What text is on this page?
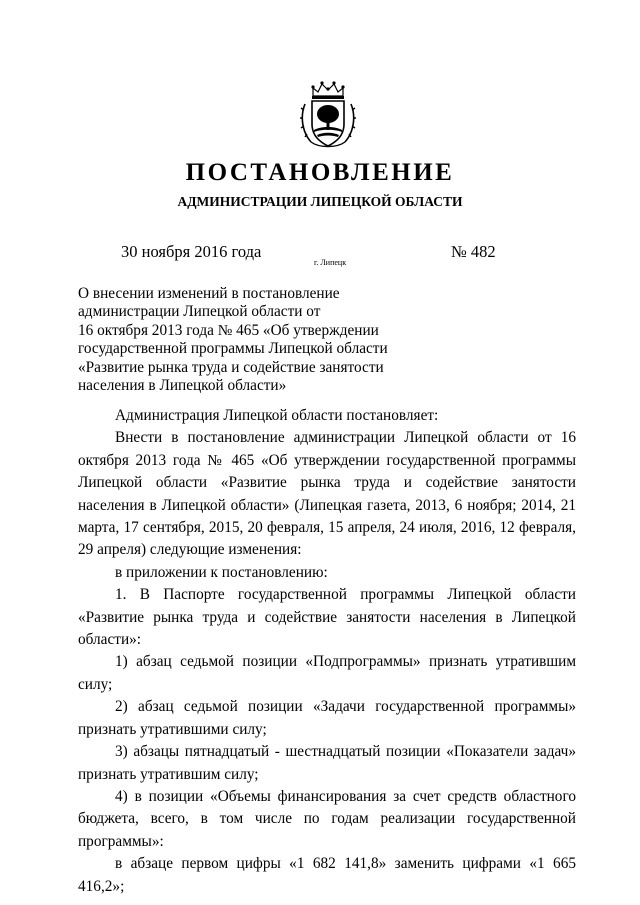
ПОСТАНОВЛЕНИЕ
АДМИНИСТРАЦИИ ЛИПЕЦКОЙ ОБЛАСТИ
30 ноября 2016 года
г. Липецк
№ 482
О внесении изменений в постановление
администрации Липецкой области от
16 октября 2013 года № 465 «Об утверждении
государственной программы Липецкой области
«Развитие рынка труда и содействие занятости
населения в Липецкой области»

Администрация Липецкой области постановляет:

Внести в постановление администрации Липецкой области от 16 октября 2013 года № 465 «Об утверждении государственной программы Липецкой области «Развитие рынка труда и содействие занятости населения в Липецкой области» (Липецкая газета, 2013, 6 ноября; 2014, 21 марта, 17 сентября, 2015, 20 февраля, 15 апреля, 24 июля, 2016, 12 февраля, 29 апреля) следующие изменения:

в приложении к постановлению:

1. В Паспорте государственной программы Липецкой области «Развитие рынка труда и содействие занятости населения в Липецкой области»:

1) абзац седьмой позиции «Подпрограммы» признать утратившим силу;

2) абзац седьмой позиции «Задачи государственной программы» признать утратившими силу;

3) абзацы пятнадцатый - шестнадцатый позиции «Показатели задач» признать утратившим силу;

4) в позиции «Объемы финансирования за счет средств областного бюджета, всего, в том числе по годам реализации государственной программы»:

в абзаце первом цифры «1 682 141,8» заменить цифрами «1 665 416,2»;
